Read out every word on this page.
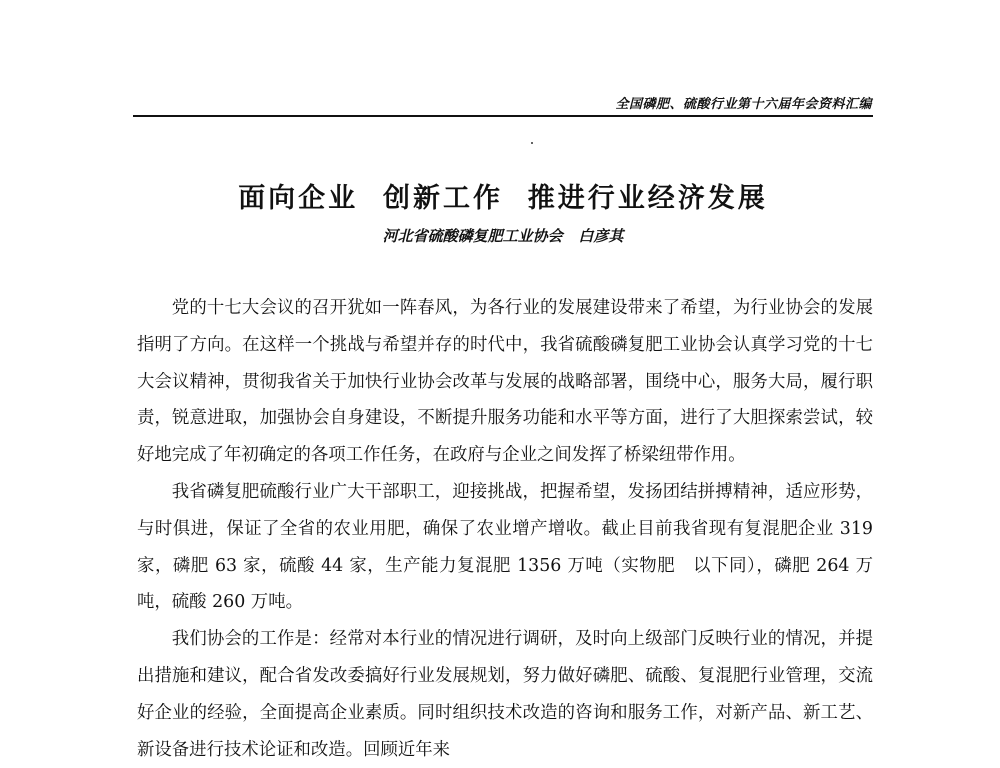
全国磷肥、硫酸行业第十六届年会资料汇编
面向企业  创新工作  推进行业经济发展
河北省硫酸磷复肥工业协会   白彦其

党的十七大会议的召开犹如一阵春风，为各行业的发展建设带来了希望，为行业协会的发展指明了方向。在这样一个挑战与希望并存的时代中，我省硫酸磷复肥工业协会认真学习党的十七大会议精神，贯彻我省关于加快行业协会改革与发展的战略部署，围绕中心，服务大局，履行职责，锐意进取，加强协会自身建设，不断提升服务功能和水平等方面，进行了大胆探索尝试，较好地完成了年初确定的各项工作任务，在政府与企业之间发挥了桥梁纽带作用。

我省磷复肥硫酸行业广大干部职工，迎接挑战，把握希望，发扬团结拼搏精神，适应形势，与时俱进，保证了全省的农业用肥，确保了农业增产增收。截止目前我省现有复混肥企业 319 家，磷肥 63 家，硫酸 44 家，生产能力复混肥 1356 万吨（实物肥　以下同），磷肥 264 万吨，硫酸 260 万吨。

我们协会的工作是：经常对本行业的情况进行调研，及时向上级部门反映行业的情况，并提出措施和建议，配合省发改委搞好行业发展规划，努力做好磷肥、硫酸、复混肥行业管理，交流好企业的经验，全面提高企业素质。同时组织技术改造的咨询和服务工作，对新产品、新工艺、新设备进行技术论证和改造。回顾近年来
